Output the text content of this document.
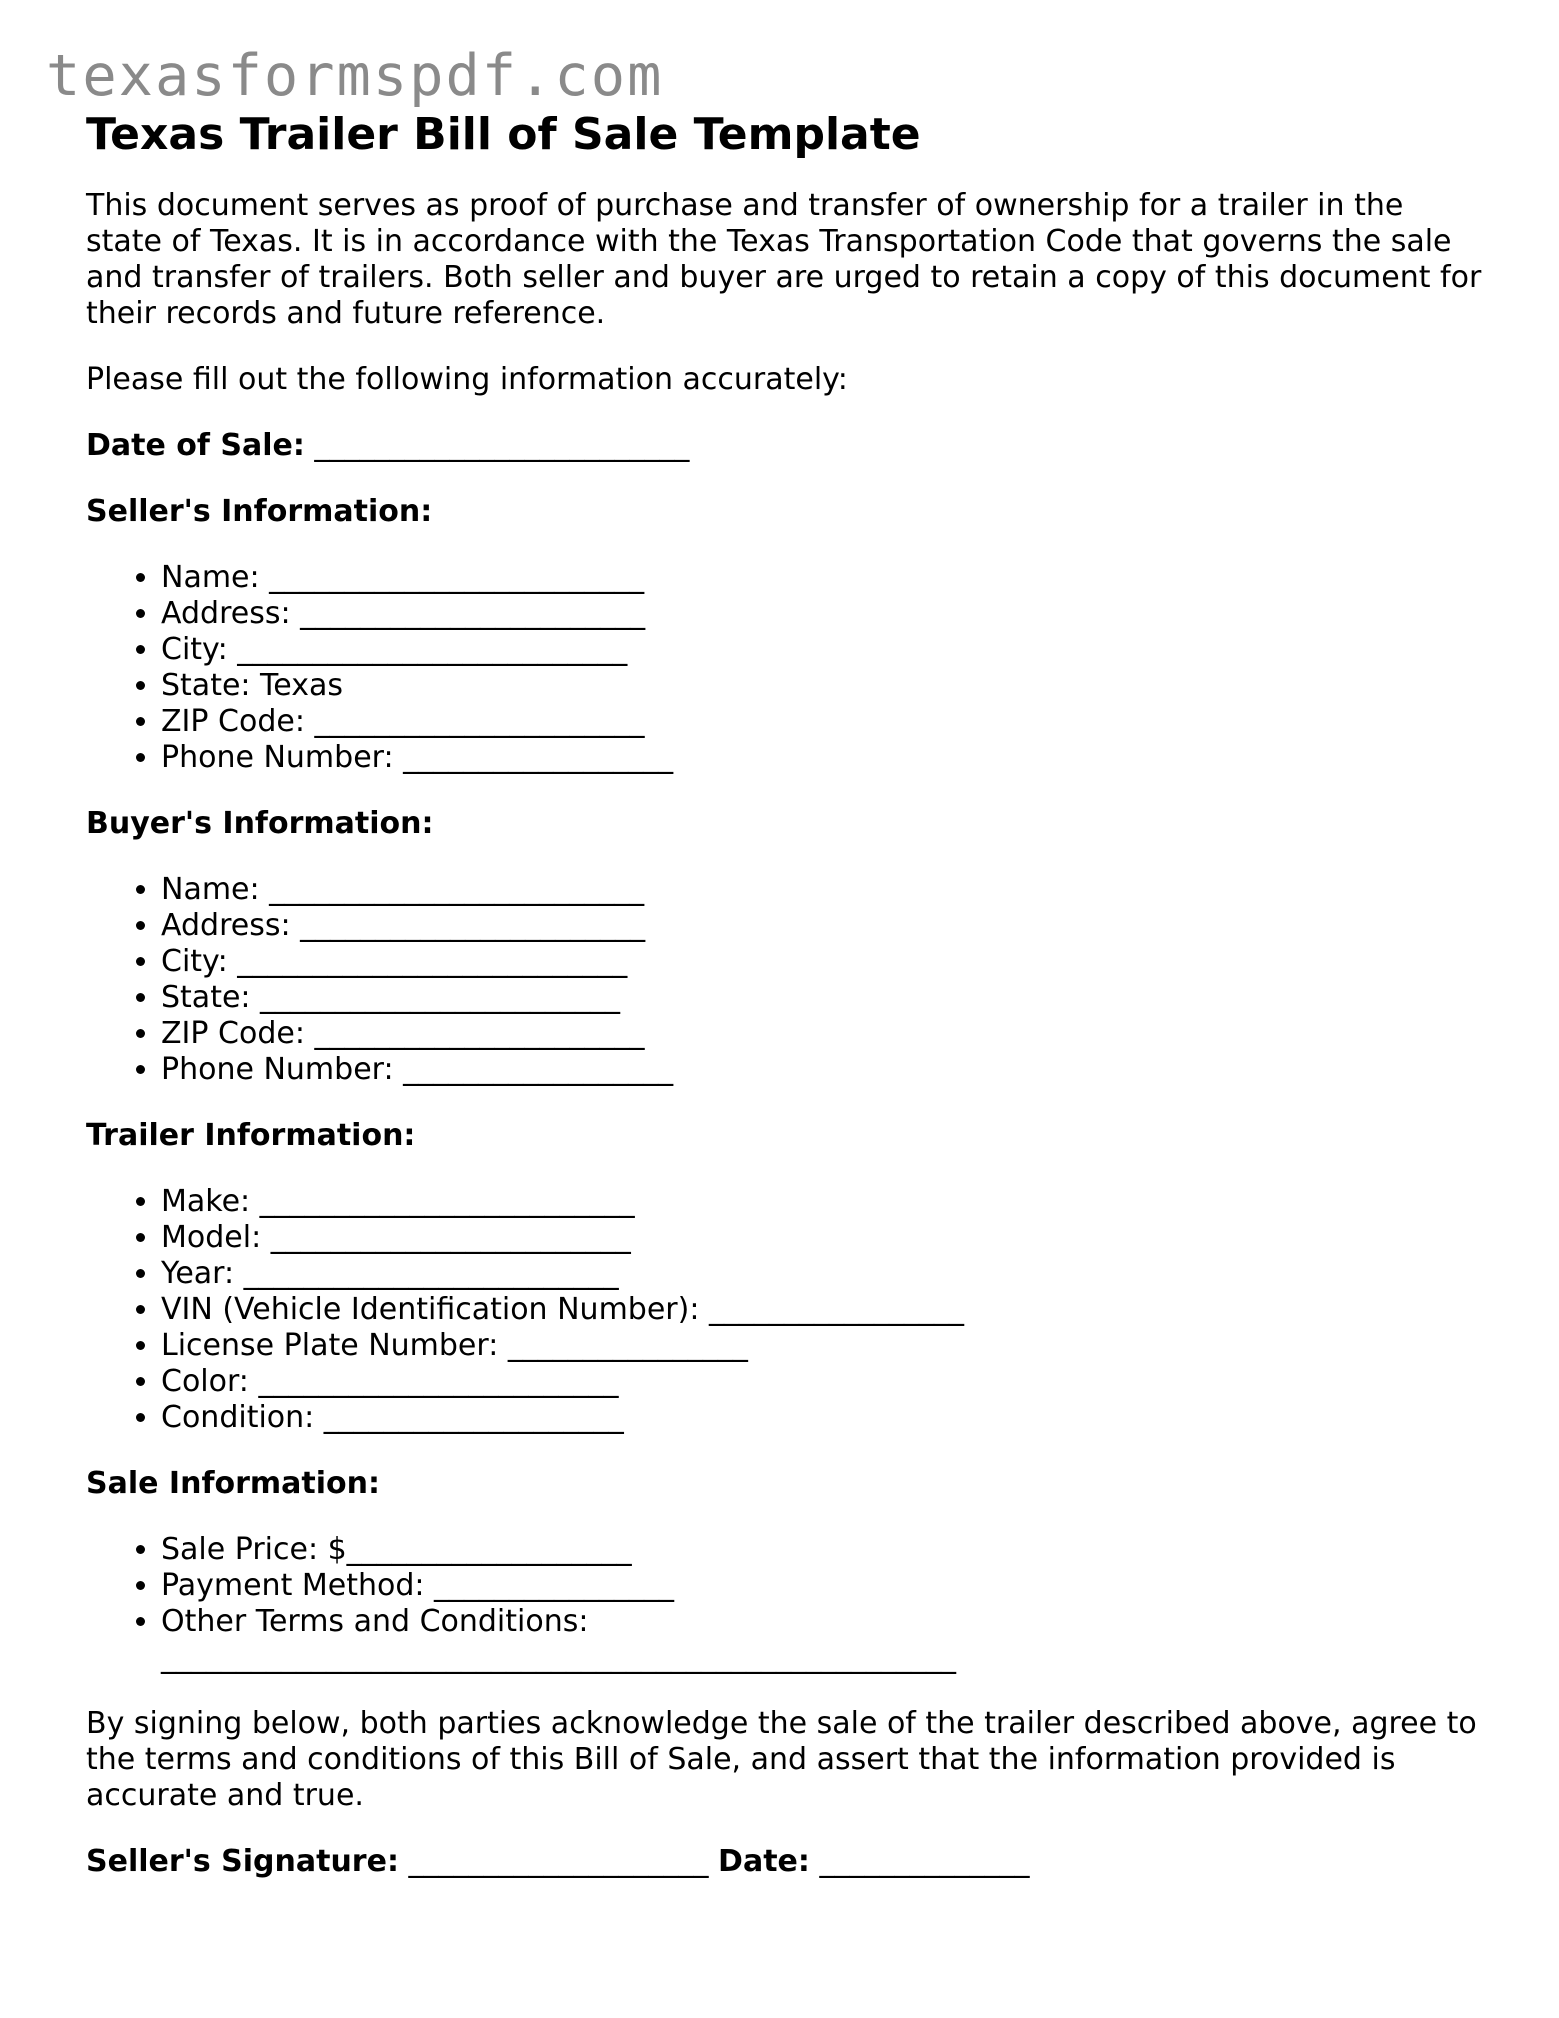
texasformspdf.com
Texas Trailer Bill of Sale Template

This document serves as proof of purchase and transfer of ownership for a trailer in the state of Texas. It is in accordance with the Texas Transportation Code that governs the sale and transfer of trailers. Both seller and buyer are urged to retain a copy of this document for their records and future reference.

Please fill out the following information accurately:

Date of Sale: _________________________
Seller's Information:
• Name: _________________________
• Address: _______________________
• City: __________________________
• State: Texas
• ZIP Code: ______________________
• Phone Number: __________________
Buyer's Information:
• Name: _________________________
• Address: _______________________
• City: __________________________
• State: ________________________
• ZIP Code: ______________________
• Phone Number: __________________
Trailer Information:
• Make: _________________________
• Model: ________________________
• Year: _________________________
• VIN (Vehicle Identification Number): _________________
• License Plate Number: ________________
• Color: ________________________
• Condition: ____________________
Sale Information:
• Sale Price: $___________________
• Payment Method: ________________
• Other Terms and Conditions:
_____________________________________________________

By signing below, both parties acknowledge the sale of the trailer described above, agree to the terms and conditions of this Bill of Sale, and assert that the information provided is accurate and true.

Seller's Signature: ____________________ Date: ______________
